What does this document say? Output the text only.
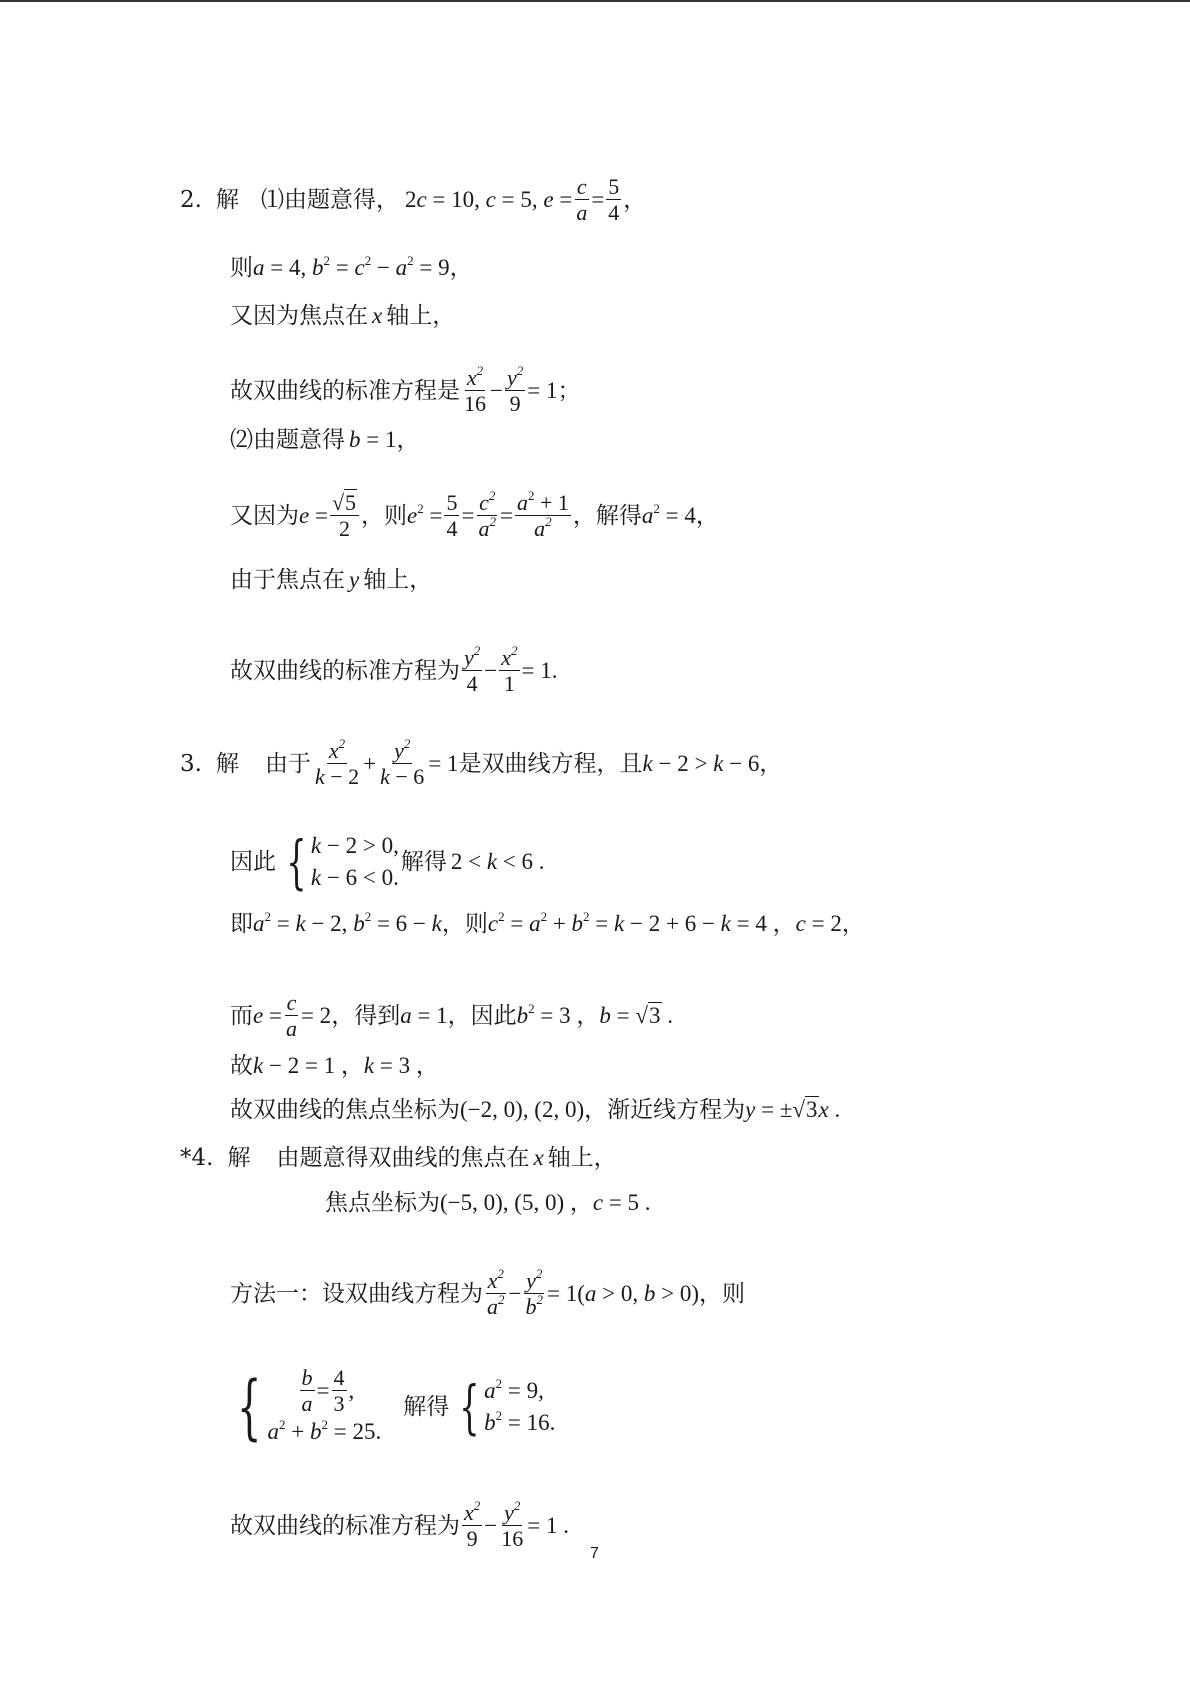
2. 解 ⑴由题意得， 2c = 10, c = 5, $e = \frac{c}{a} = \frac{5}{4}$ ，
则 a = 4, $b^2 = c^2 - a^2 = 9$ ，
又因为焦点在 x 轴上，
故双曲线的标准方程是 $\frac{x^2}{16} - \frac{y^2}{9} = 1$；
⑵由题意得 b = 1，
又因为 $e = \frac{√5}{2}$ ，则 $e^2 = \frac{5}{4} = \frac{c^2}{a^2} = \frac{a^2 + 1}{a^2}$ ，解得 $a^2 = 4$，
由于焦点在 y 轴上，
故双曲线的标准方程为 $\frac{y^2}{4} - \frac{x^2}{1} = 1$.
3. 解 由于 $\frac{x^2}{k - 2} + \frac{y^2}{k - 6} = 1$ 是双曲线方程，且 k − 2 > k − 6，
因此 { k − 2 > 0,
k − 6 < 0.
解得 2 < k < 6 .
即 $a^2 = k - 2$, $b^2 = 6 - k$ ，则 $c^2 = a^2 + b^2 = k - 2 + 6 - k = 4$ ，c = 2，
而 $e = \frac{c}{a} = 2$ ，得到 a = 1 ，因此 $b^2 = 3$ ，b = √3 .
故 k − 2 = 1 ，k = 3 ，
故双曲线的焦点坐标为 (−2, 0), (2, 0) ，渐近线方程为 y = ±√3x .
*4. 解 由题意得双曲线的焦点在 x 轴上，
焦点坐标为 (−5, 0), (5, 0) ，c = 5 .
方法一：设双曲线方程为 $\frac{x^2}{a^2} - \frac{y^2}{b^2} = 1(a > 0$, b > 0) ，则
{ $\frac{b}{a} = \frac{4}{3}$ ,
$a^2 + b^2 = 25$.
解得 { $a^2 = 9$,
$b^2 = 16$.
故双曲线的标准方程为 $\frac{x^2}{9} - \frac{y^2}{16} = 1$ .
7
